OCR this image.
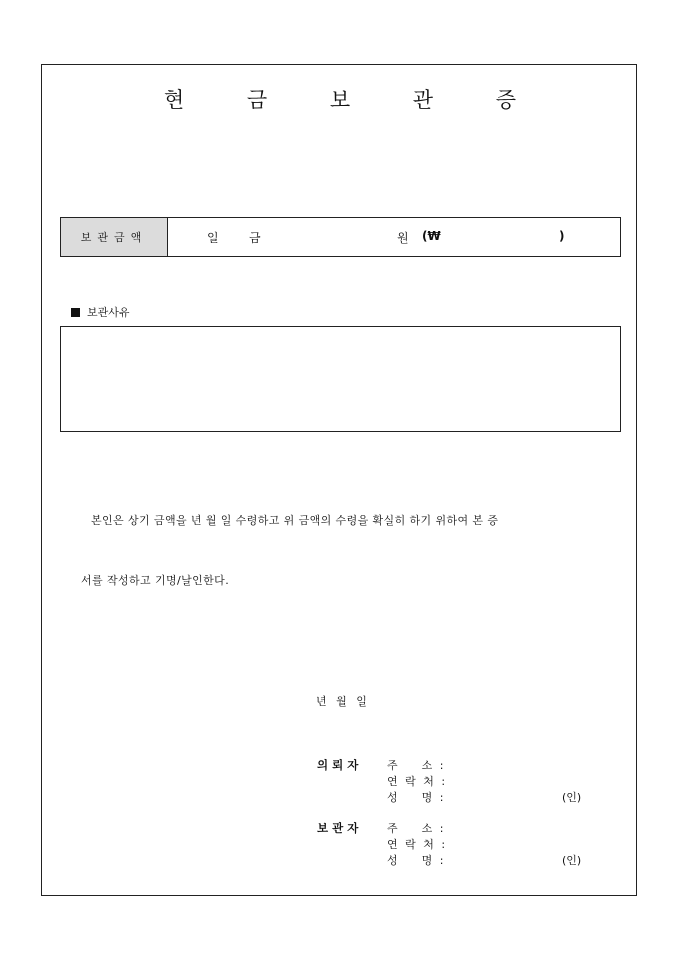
현 금 보 관 증
보관금액	일	금	원 (₩	)
보관사유
본인은 상기 금액을 년 월 일 수령하고 위 금액의 수령을 확실히 하기 위하여 본 증
서를 작성하고 기명/날인한다.
년 월 일
의뢰자 주    소 :
연 락 처 :
성    명 :	(인)
보관자 주    소 :
연 락 처 :
성    명 :	(인)
